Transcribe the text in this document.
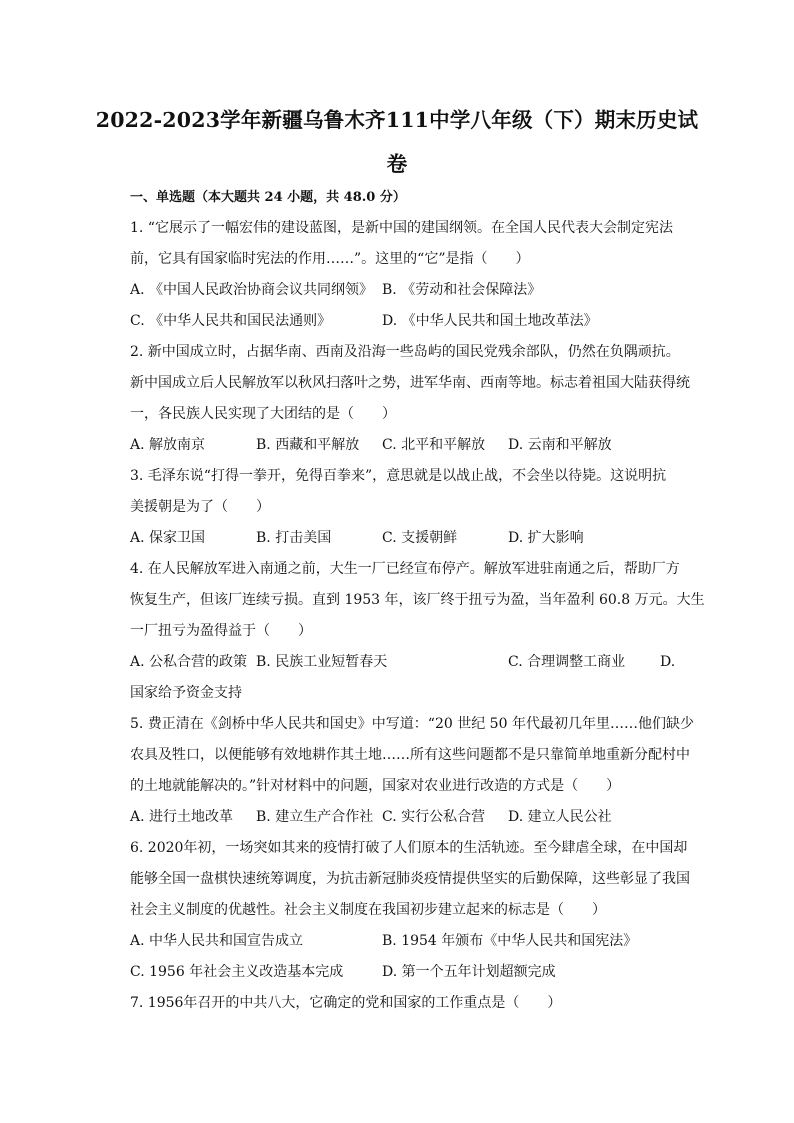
2022-2023学年新疆乌鲁木齐111中学八年级（下）期末历史试
卷
一、单选题（本大题共 24 小题，共 48.0 分）
1. “它展示了一幅宏伟的建设蓝图，是新中国的建国纲领。在全国人民代表大会制定宪法
前，它具有国家临时宪法的作用……”。这里的“它”是指（　　）
A. 《中国人民政治协商会议共同纲领》 B. 《劳动和社会保障法》
C. 《中华人民共和国民法通则》	D. 《中华人民共和国土地改革法》
2. 新中国成立时，占据华南、西南及沿海一些岛屿的国民党残余部队，仍然在负隅顽抗。
新中国成立后人民解放军以秋风扫落叶之势，进军华南、西南等地。标志着祖国大陆获得统
一，各民族人民实现了大团结的是（　　）
A. 解放南京	B. 西藏和平解放 C. 北平和平解放 D. 云南和平解放
3. 毛泽东说“打得一拳开，免得百拳来”，意思就是以战止战，不会坐以待毙。这说明抗
美援朝是为了（　　）
A. 保家卫国	B. 打击美国	C. 支援朝鲜	D. 扩大影响
4. 在人民解放军进入南通之前，大生一厂已经宣布停产。解放军进驻南通之后，帮助厂方
恢复生产，但该厂连续亏损。直到 1953 年，该厂终于扭亏为盈，当年盈利 60.8 万元。大生
一厂扭亏为盈得益于（　　）
A. 公私合营的政策 B. 民族工业短暂春天	C. 合理调整工商业 D.
国家给予资金支持
5. 费正清在《剑桥中华人民共和国史》中写道：“20 世纪 50 年代最初几年里……他们缺少
农具及牲口，以便能够有效地耕作其土地……所有这些问题都不是只靠简单地重新分配村中
的土地就能解决的。”针对材料中的问题，国家对农业进行改造的方式是（　　）
A. 进行土地改革 B. 建立生产合作社 C. 实行公私合营 D. 建立人民公社
6. 2020年初，一场突如其来的疫情打破了人们原本的生活轨迹。至今肆虐全球，在中国却
能够全国一盘棋快速统筹调度，为抗击新冠肺炎疫情提供坚实的后勤保障，这些彰显了我国
社会主义制度的优越性。社会主义制度在我国初步建立起来的标志是（　　）
A. 中华人民共和国宣告成立	B. 1954 年颁布《中华人民共和国宪法》
C. 1956 年社会主义改造基本完成	D. 第一个五年计划超额完成
7. 1956年召开的中共八大，它确定的党和国家的工作重点是（　　）
